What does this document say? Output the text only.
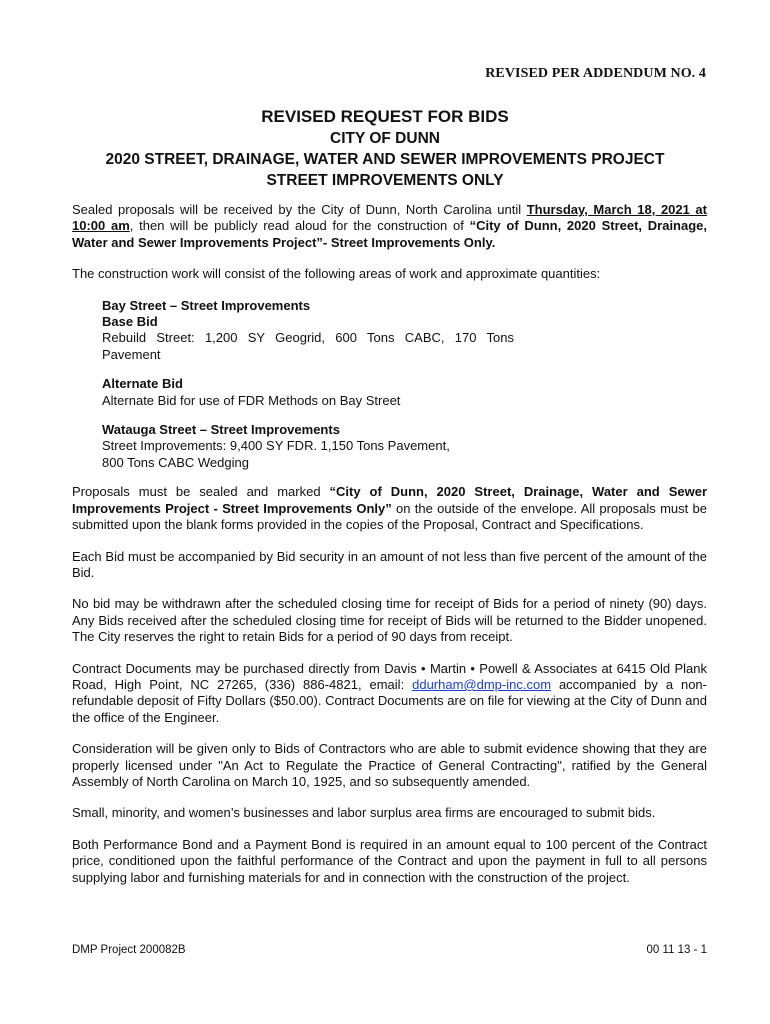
REVISED PER ADDENDUM NO. 4
REVISED REQUEST FOR BIDS
CITY OF DUNN
2020 STREET, DRAINAGE, WATER AND SEWER IMPROVEMENTS PROJECT
STREET IMPROVEMENTS ONLY

Sealed proposals will be received by the City of Dunn, North Carolina until Thursday, March 18, 2021 at 10:00 am, then will be publicly read aloud for the construction of “City of Dunn, 2020 Street, Drainage, Water and Sewer Improvements Project”- Street Improvements Only.

The construction work will consist of the following areas of work and approximate quantities:

Bay Street – Street Improvements
Base Bid
Rebuild Street: 1,200 SY Geogrid, 600 Tons CABC, 170 Tons Pavement

Alternate Bid
Alternate Bid for use of FDR Methods on Bay Street

Watauga Street – Street Improvements
Street Improvements: 9,400 SY FDR. 1,150 Tons Pavement,
800 Tons CABC Wedging

Proposals must be sealed and marked “City of Dunn, 2020 Street, Drainage, Water and Sewer Improvements Project - Street Improvements Only” on the outside of the envelope. All proposals must be submitted upon the blank forms provided in the copies of the Proposal, Contract and Specifications.

Each Bid must be accompanied by Bid security in an amount of not less than five percent of the amount of the Bid.

No bid may be withdrawn after the scheduled closing time for receipt of Bids for a period of ninety (90) days. Any Bids received after the scheduled closing time for receipt of Bids will be returned to the Bidder unopened. The City reserves the right to retain Bids for a period of 90 days from receipt.

Contract Documents may be purchased directly from Davis • Martin • Powell & Associates at 6415 Old Plank Road, High Point, NC 27265, (336) 886-4821, email: ddurham@dmp-inc.com accompanied by a non-refundable deposit of Fifty Dollars ($50.00). Contract Documents are on file for viewing at the City of Dunn and the office of the Engineer.

Consideration will be given only to Bids of Contractors who are able to submit evidence showing that they are properly licensed under "An Act to Regulate the Practice of General Contracting", ratified by the General Assembly of North Carolina on March 10, 1925, and so subsequently amended.

Small, minority, and women’s businesses and labor surplus area firms are encouraged to submit bids.

Both Performance Bond and a Payment Bond is required in an amount equal to 100 percent of the Contract price, conditioned upon the faithful performance of the Contract and upon the payment in full to all persons supplying labor and furnishing materials for and in connection with the construction of the project.

DMP Project 200082B	00 11 13 - 1
